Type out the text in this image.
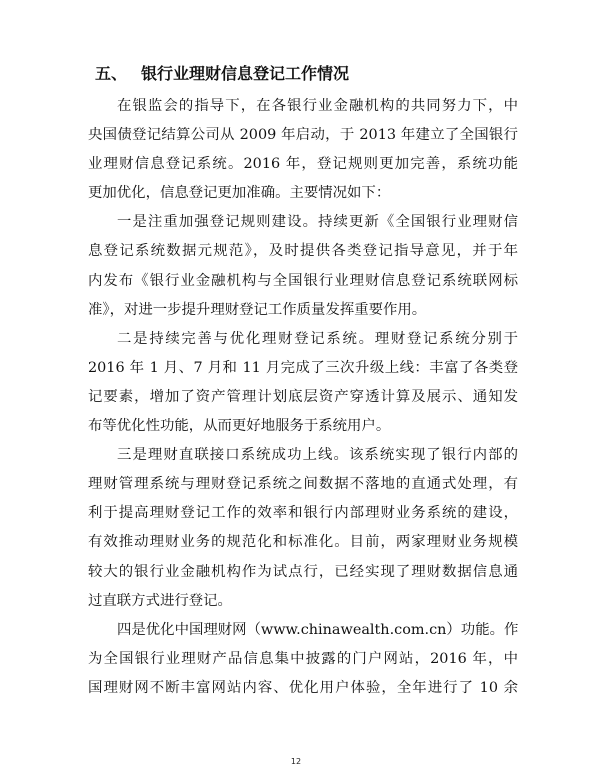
五、 银行业理财信息登记工作情况
在银监会的指导下，在各银行业金融机构的共同努力下，中
央国债登记结算公司从 2009 年启动，于 2013 年建立了全国银行
业理财信息登记系统。2016 年，登记规则更加完善，系统功能
更加优化，信息登记更加准确。主要情况如下：
一是注重加强登记规则建设。持续更新《全国银行业理财信
息登记系统数据元规范》，及时提供各类登记指导意见，并于年
内发布《银行业金融机构与全国银行业理财信息登记系统联网标
准》，对进一步提升理财登记工作质量发挥重要作用。
二是持续完善与优化理财登记系统。理财登记系统分别于
2016 年 1 月、7 月和 11 月完成了三次升级上线：丰富了各类登
记要素，增加了资产管理计划底层资产穿透计算及展示、通知发
布等优化性功能，从而更好地服务于系统用户。
三是理财直联接口系统成功上线。该系统实现了银行内部的
理财管理系统与理财登记系统之间数据不落地的直通式处理，有
利于提高理财登记工作的效率和银行内部理财业务系统的建设，
有效推动理财业务的规范化和标准化。目前，两家理财业务规模
较大的银行业金融机构作为试点行，已经实现了理财数据信息通
过直联方式进行登记。
四是优化中国理财网（www.chinawealth.com.cn）功能。作
为全国银行业理财产品信息集中披露的门户网站，2016 年，中
国理财网不断丰富网站内容、优化用户体验，全年进行了 10 余
12
